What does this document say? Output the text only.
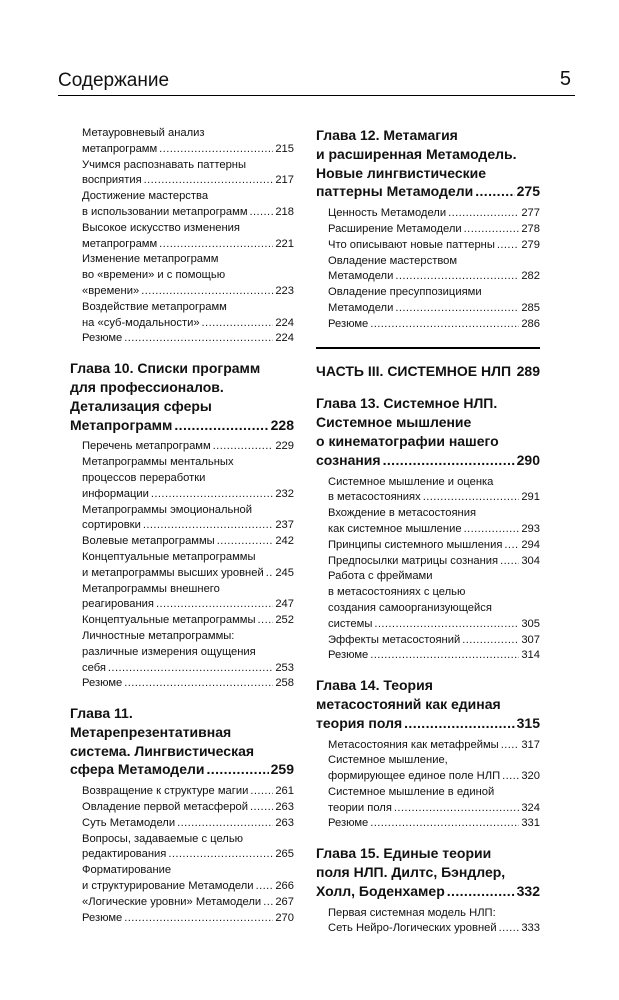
Содержание	5
Метауровневый анализ
метапрограмм .....	215
Учимся распознавать паттерны
восприятия .....	217
Достижение мастерства
в использовании метапрограмм ..... 218
Высокое искусство изменения
метапрограмм .....	221
Изменение метапрограмм
во «времени» и с помощью
«времени» .....	223
Воздействие метапрограмм
на «суб-модальности» .....	224
Резюме .....	224
Глава 10. Списки программ
для профессионалов.
Детализация сферы
Метапрограмм .....	228
Перечень метапрограмм .....	229
Метапрограммы ментальных
процессов переработки
информации .....	232
Метапрограммы эмоциональной
сортировки .....	237
Волевые метапрограммы .....	242
Концептуальные метапрограммы
и метапрограммы высших уровней ..... 245
Метапрограммы внешнего
реагирования .....	247
Концептуальные метапрограммы ..... 252
Личностные метапрограммы:
различные измерения ощущения
себя .....	253
Резюме .....	258
Глава 11.
Метарепрезентативная
система. Лингвистическая
сфера Метамодели .....	259
Возвращение к структуре магии ..... 261
Овладение первой метасферой ..... 263
Суть Метамодели .....	263
Вопросы, задаваемые с целью
редактирования .....	265
Форматирование
и структурирование Метамодели ..... 266
«Логические уровни» Метамодели ..... 267
Резюме .....	270
Глава 12. Метамагия
и расширенная Метамодель.
Новые лингвистические
паттерны Метамодели .....	275
Ценность Метамодели .....	277
Расширение Метамодели .....	278
Что описывают новые паттерны ..... 279
Овладение мастерством
Метамодели .....	282
Овладение пресуппозициями
Метамодели .....	285
Резюме .....	286
ЧАСТЬ III. СИСТЕМНОЕ НЛП 289
Глава 13. Системное НЛП.
Системное мышление
о кинематографии нашего
сознания .....	290
Системное мышление и оценка
в метасостояниях .....	291
Вхождение в метасостояния
как системное мышление .....	293
Принципы системного мышления ..... 294
Предпосылки матрицы сознания ..... 304
Работа с фреймами
в метасостояниях с целью
создания самоорганизующейся
системы .....	305
Эффекты метасостояний .....	307
Резюме .....	314
Глава 14. Теория
метасостояний как единая
теория поля .....	315
Метасостояния как метафреймы ..... 317
Системное мышление,
формирующее единое поле НЛП ..... 320
Системное мышление в единой
теории поля .....	324
Резюме .....	331
Глава 15. Единые теории
поля НЛП. Дилтс, Бэндлер,
Холл, Боденхамер .....	332
Первая системная модель НЛП:
Сеть Нейро-Логических уровней ..... 333
